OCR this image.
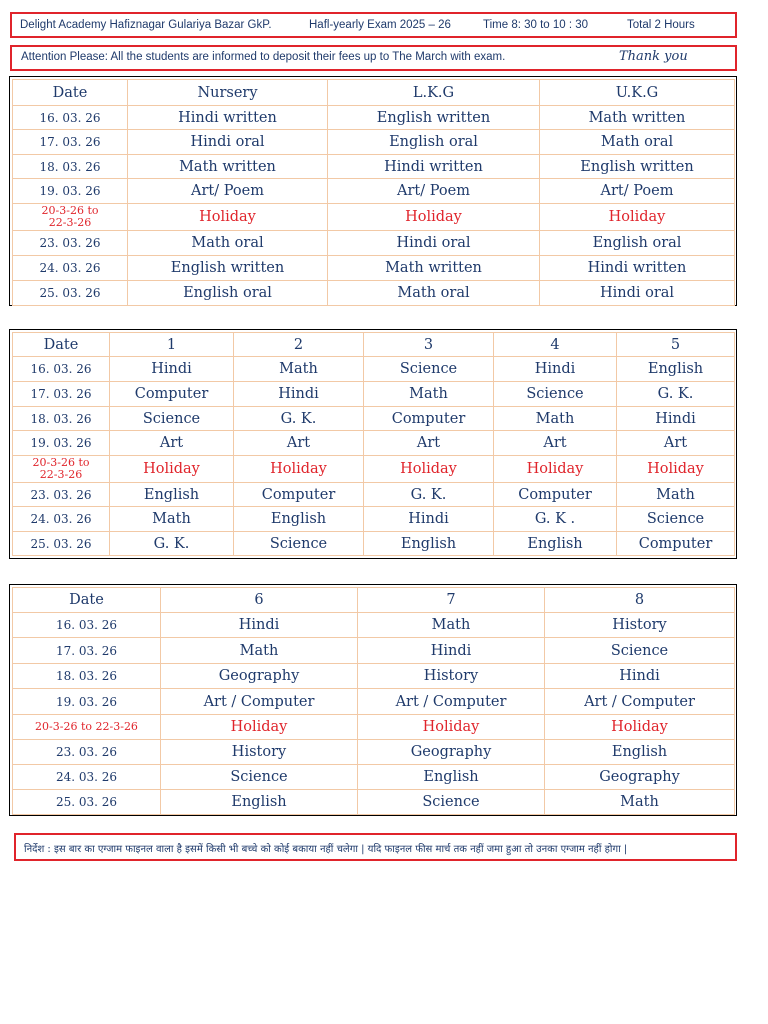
Delight Academy Hafiznagar Gulariya Bazar GkP.	Hafl-yearly Exam 2025 – 26	Time 8: 30 to 10 : 30	Total 2 Hours
Attention Please: All the students are informed to deposit their fees up to The March with exam.	Thank you
Date	Nursery	L.K.G	U.K.G
16. 03. 26	Hindi written	English written	Math written
17. 03. 26	Hindi oral	English oral	Math oral
18. 03. 26	Math written	Hindi written	English written
19. 03. 26	Art/ Poem	Art/ Poem	Art/ Poem
20-3-26 to
22-3-26	Holiday	Holiday	Holiday
23. 03. 26	Math oral	Hindi oral	English oral
24. 03. 26	English written	Math written	Hindi written
25. 03. 26	English oral	Math oral	Hindi oral
Date	1	2	3	4	5
16. 03. 26	Hindi	Math	Science	Hindi	English
17. 03. 26	Computer	Hindi	Math	Science	G. K.
18. 03. 26	Science	G. K.	Computer	Math	Hindi
19. 03. 26	Art	Art	Art	Art	Art
20-3-26 to
22-3-26	Holiday	Holiday	Holiday	Holiday	Holiday
23. 03. 26	English	Computer	G. K.	Computer	Math
24. 03. 26	Math	English	Hindi	G. K .	Science
25. 03. 26	G. K.	Science	English	English	Computer
Date	6	7	8
16. 03. 26	Hindi	Math	History
17. 03. 26	Math	Hindi	Science
18. 03. 26	Geography	History	Hindi
19. 03. 26	Art / Computer	Art / Computer	Art / Computer
20-3-26 to 22-3-26	Holiday	Holiday	Holiday
23. 03. 26	History	Geography	English
24. 03. 26	Science	English	Geography
25. 03. 26	English	Science	Math
निर्देश : इस बार का एग्जाम फाइनल वाला है इसमें किसी भी बच्चे को कोई बकाया नहीं चलेगा | यदि फाइनल फीस मार्च तक नहीं जमा हुआ तो उनका एग्जाम नहीं होगा |
